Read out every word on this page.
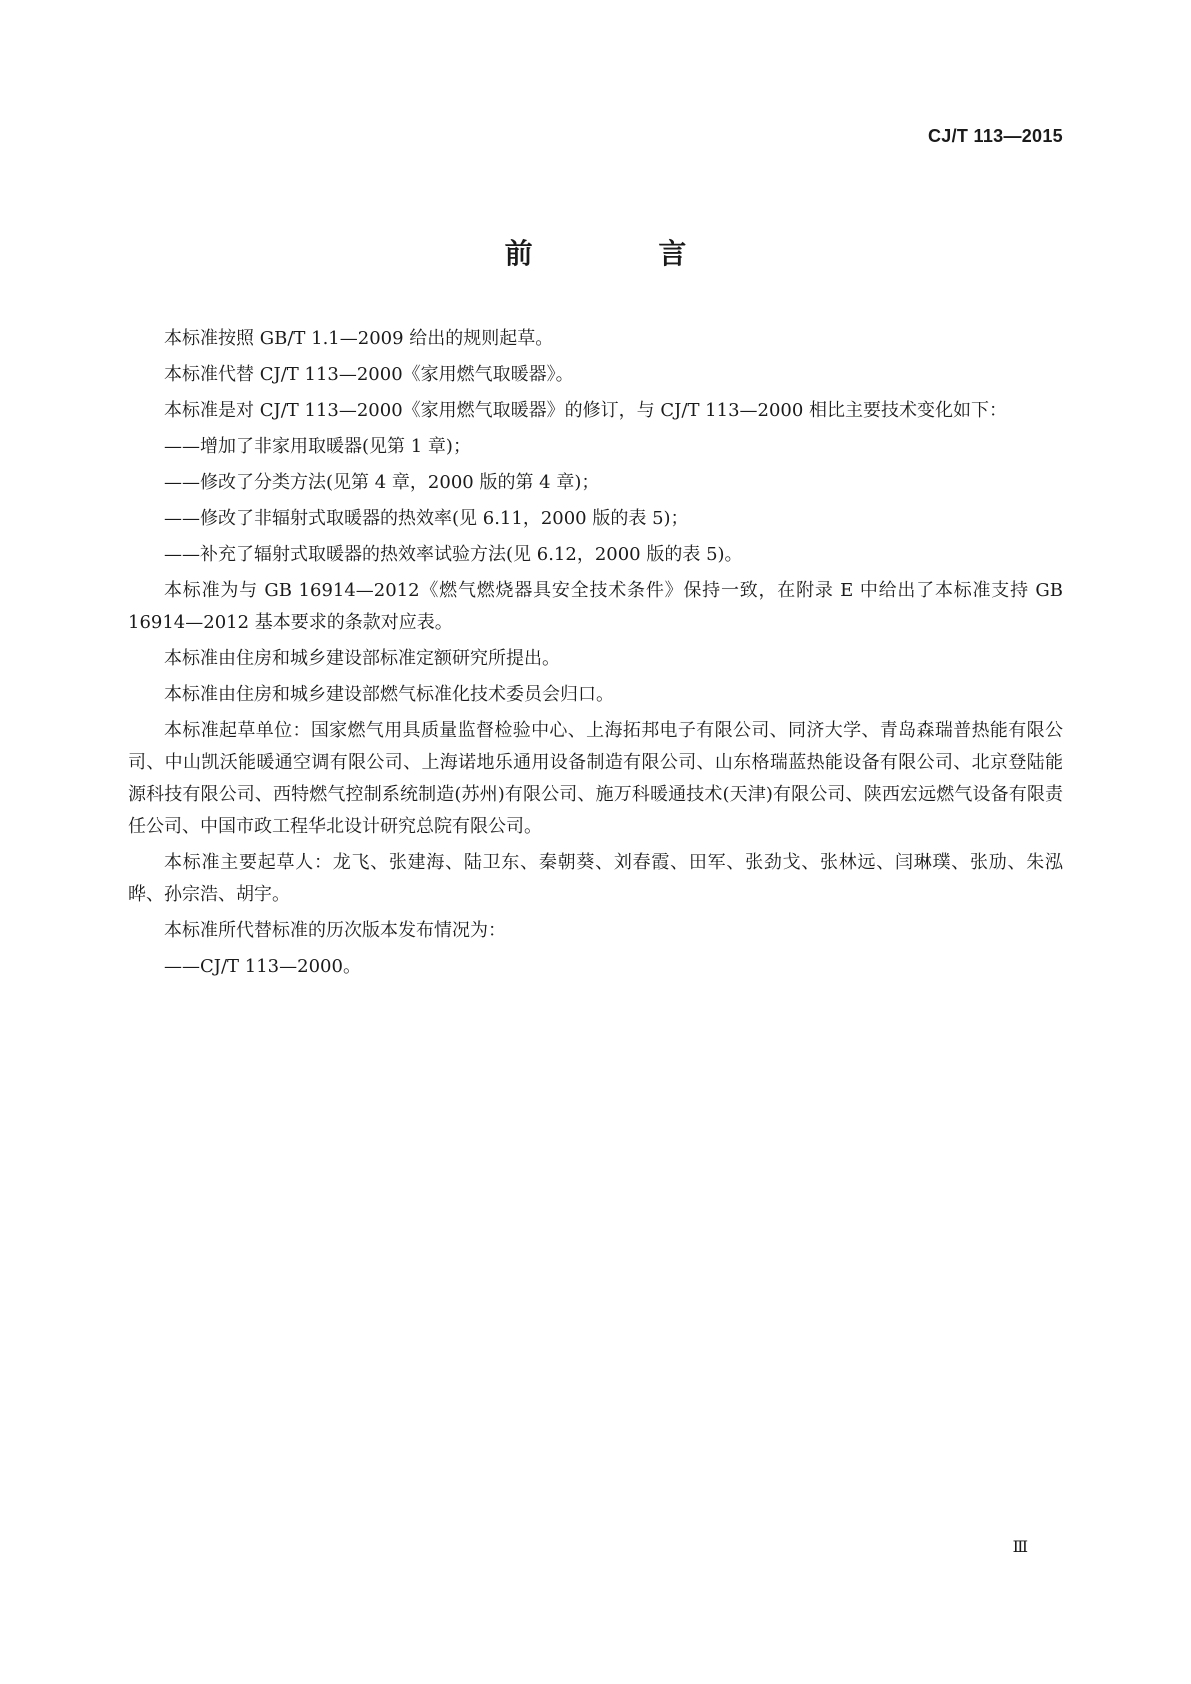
CJ/T 113—2015
前 言

本标准按照 GB/T 1.1—2009 给出的规则起草。

本标准代替 CJ/T 113—2000《家用燃气取暖器》。

本标准是对 CJ/T 113—2000《家用燃气取暖器》的修订，与 CJ/T 113—2000 相比主要技术变化如下：

——增加了非家用取暖器(见第 1 章)；

——修改了分类方法(见第 4 章，2000 版的第 4 章)；

——修改了非辐射式取暖器的热效率(见 6.11，2000 版的表 5)；

——补充了辐射式取暖器的热效率试验方法(见 6.12，2000 版的表 5)。

本标准为与 GB 16914—2012《燃气燃烧器具安全技术条件》保持一致，在附录 E 中给出了本标准支持 GB 16914—2012 基本要求的条款对应表。

本标准由住房和城乡建设部标准定额研究所提出。

本标准由住房和城乡建设部燃气标准化技术委员会归口。

本标准起草单位：国家燃气用具质量监督检验中心、上海拓邦电子有限公司、同济大学、青岛森瑞普热能有限公司、中山凯沃能暖通空调有限公司、上海诺地乐通用设备制造有限公司、山东格瑞蓝热能设备有限公司、北京登陆能源科技有限公司、西特燃气控制系统制造(苏州)有限公司、施万科暖通技术(天津)有限公司、陕西宏远燃气设备有限责任公司、中国市政工程华北设计研究总院有限公司。

本标准主要起草人：龙飞、张建海、陆卫东、秦朝葵、刘春霞、田军、张劲戈、张林远、闫琳璞、张劢、朱泓晔、孙宗浩、胡宇。

本标准所代替标准的历次版本发布情况为：

——CJ/T 113—2000。

Ⅲ
